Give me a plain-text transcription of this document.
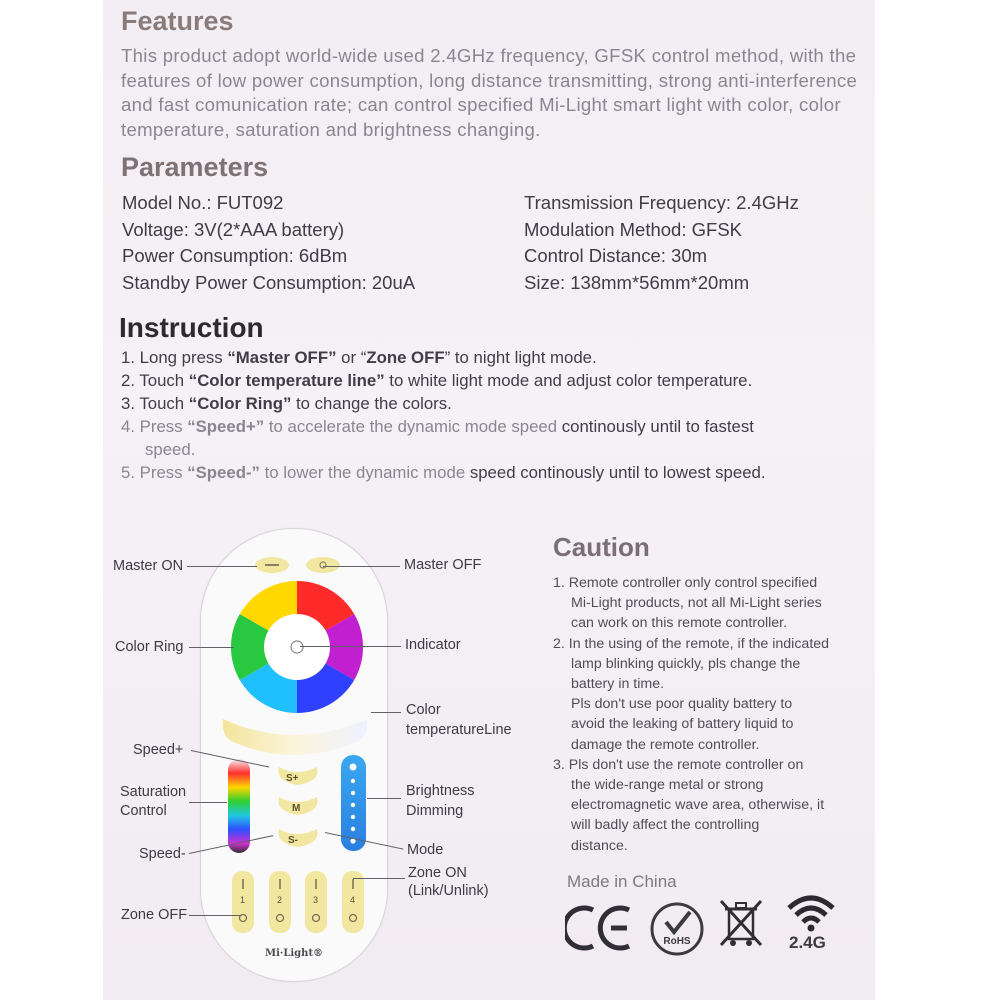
Features

This product adopt world-wide used 2.4GHz frequency, GFSK control method, with the features of low power consumption, long distance transmitting, strong anti-interference and fast comunication rate; can control specified Mi-Light smart light with color, color temperature, saturation and brightness changing.

Parameters
Model No.: FUT092	Transmission Frequency: 2.4GHz
Voltage: 3V(2*AAA battery)	Modulation Method: GFSK
Power Consumption: 6dBm	Control Distance: 30m
Standby Power Consumption: 20uA	Size: 138mm*56mm*20mm
Instruction

1. Long press “Master OFF” or “Zone OFF” to night light mode.

2. Touch “Color temperature line” to white light mode and adjust color temperature.

3. Touch “Color Ring” to change the colors.

4. Press “Speed+” to accelerate the dynamic mode speed continously until to fastest
speed.

5. Press “Speed-” to lower the dynamic mode speed continously until to lowest speed.

S+
M
S-
1	2	3	4
Mi·Light®
Master ON	Master OFF
Color Ring	Indicator
Color
temperatureLine
Speed+
Saturation
Control
Brightness
Dimming
Speed-	Mode
Zone ON
(Link/Unlink)
Zone OFF
Caution

1. Remote controller only control specified

Mi-Light products, not all Mi-Light series

can work on this remote controller.

2. In the using of the remote, if the indicated

lamp blinking quickly, pls change the

battery in time.

Pls don't use poor quality battery to

avoid the leaking of battery liquid to

damage the remote controller.

3. Pls don't use the remote controller on

the wide-range metal or strong

electromagnetic wave area, otherwise, it

will badly affect the controlling

distance.

Made in China
RoHS	2.4G
